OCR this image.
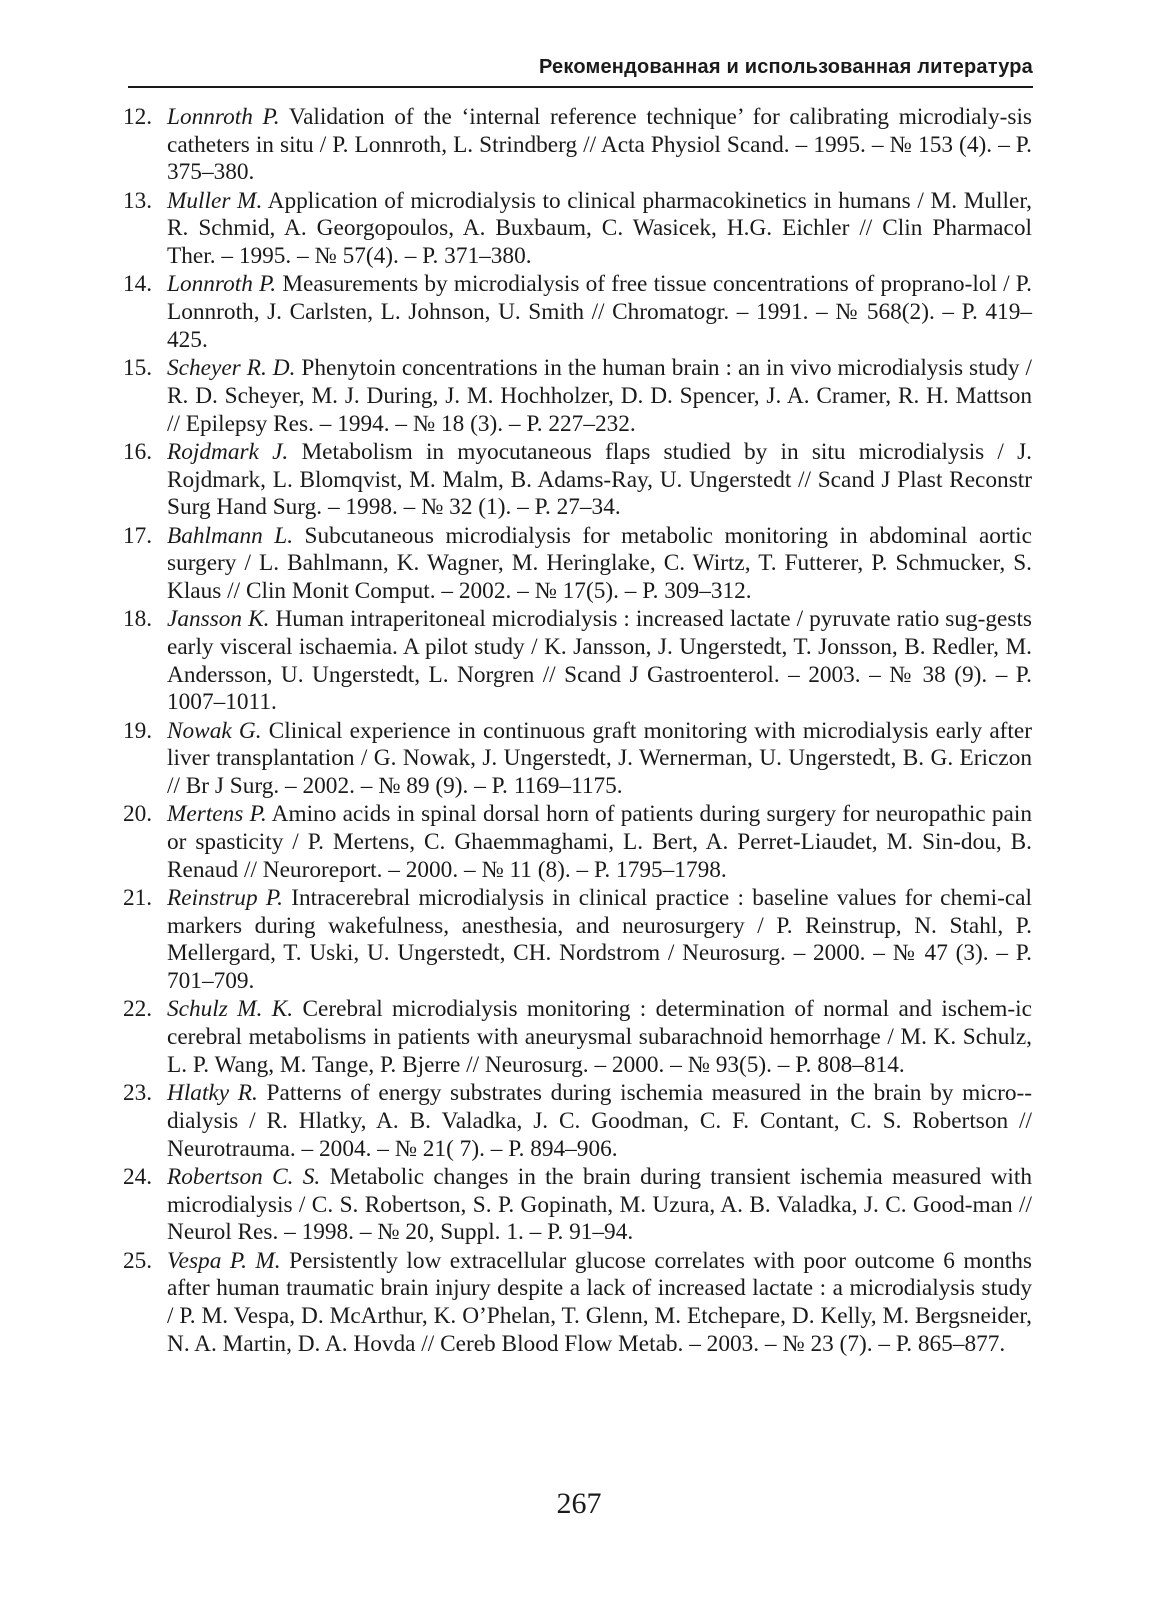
Рекомендованная и использованная литература
12. Lonnroth P. Validation of the ‘internal reference technique’ for calibrating microdialy-sis catheters in situ / P. Lonnroth, L. Strindberg // Acta Physiol Scand. – 1995. – № 153 (4). – P. 375–380.
13. Muller M. Application of microdialysis to clinical pharmacokinetics in humans / M. Muller, R. Schmid, A. Georgopoulos, A. Buxbaum, C. Wasicek, H.G. Eichler // Clin Pharmacol Ther. – 1995. – № 57(4). – P. 371–380.
14. Lonnroth P. Measurements by microdialysis of free tissue concentrations of proprano-lol / P. Lonnroth, J. Carlsten, L. Johnson, U. Smith // Chromatogr. – 1991. – № 568(2). – P. 419–425.
15. Scheyer R. D. Phenytoin concentrations in the human brain : an in vivo microdialysis study / R. D. Scheyer, M. J. During, J. M. Hochholzer, D. D. Spencer, J. A. Cramer, R. H. Mattson // Epilepsy Res. – 1994. – № 18 (3). – P. 227–232.
16. Rojdmark J. Metabolism in myocutaneous flaps studied by in situ microdialysis / J. Rojdmark, L. Blomqvist, M. Malm, B. Adams-Ray, U. Ungerstedt // Scand J Plast Reconstr Surg Hand Surg. – 1998. – № 32 (1). – P. 27–34.
17. Bahlmann L. Subcutaneous microdialysis for metabolic monitoring in abdominal aortic surgery / L. Bahlmann, K. Wagner, M. Heringlake, C. Wirtz, T. Futterer, P. Schmucker, S. Klaus // Clin Monit Comput. – 2002. – № 17(5). – P. 309–312.
18. Jansson K. Human intraperitoneal microdialysis : increased lactate / pyruvate ratio sug-gests early visceral ischaemia. A pilot study / K. Jansson, J. Ungerstedt, T. Jonsson, B. Redler, M. Andersson, U. Ungerstedt, L. Norgren // Scand J Gastroenterol. – 2003. – № 38 (9). – P. 1007–1011.
19. Nowak G. Clinical experience in continuous graft monitoring with microdialysis early after liver transplantation / G. Nowak, J. Ungerstedt, J. Wernerman, U. Ungerstedt, B. G. Ericzon // Br J Surg. – 2002. – № 89 (9). – P. 1169–1175.
20. Mertens P. Amino acids in spinal dorsal horn of patients during surgery for neuropathic pain or spasticity / P. Mertens, C. Ghaemmaghami, L. Bert, A. Perret-Liaudet, M. Sin-dou, B. Renaud // Neuroreport. – 2000. – № 11 (8). – P. 1795–1798.
21. Reinstrup P. Intracerebral microdialysis in clinical practice : baseline values for chemi-cal markers during wakefulness, anesthesia, and neurosurgery / P. Reinstrup, N. Stahl, P. Mellergard, T. Uski, U. Ungerstedt, CH. Nordstrom / Neurosurg. – 2000. – № 47 (3). – P. 701–709.
22. Schulz M. K. Cerebral microdialysis monitoring : determination of normal and ischem-ic cerebral metabolisms in patients with aneurysmal subarachnoid hemorrhage / M. K. Schulz, L. P. Wang, M. Tange, P. Bjerre // Neurosurg. – 2000. – № 93(5). – P. 808–814.
23. Hlatky R. Patterns of energy substrates during ischemia measured in the brain by micro-dialysis / R. Hlatky, A. B. Valadka, J. C. Goodman, C. F. Contant, C. S. Robertson // Neurotrauma. – 2004. – № 21( 7). – P. 894–906.
24. Robertson C. S. Metabolic changes in the brain during transient ischemia measured with microdialysis / C. S. Robertson, S. P. Gopinath, M. Uzura, A. B. Valadka, J. C. Good-man // Neurol Res. – 1998. – № 20, Suppl. 1. – P. 91–94.
25. Vespa P. M. Persistently low extracellular glucose correlates with poor outcome 6 months after human traumatic brain injury despite a lack of increased lactate : a microdialysis study / P. M. Vespa, D. McArthur, K. O’Phelan, T. Glenn, M. Etchepare, D. Kelly, M. Bergsneider, N. A. Martin, D. A. Hovda // Cereb Blood Flow Metab. – 2003. – № 23 (7). – P. 865–877.
267
